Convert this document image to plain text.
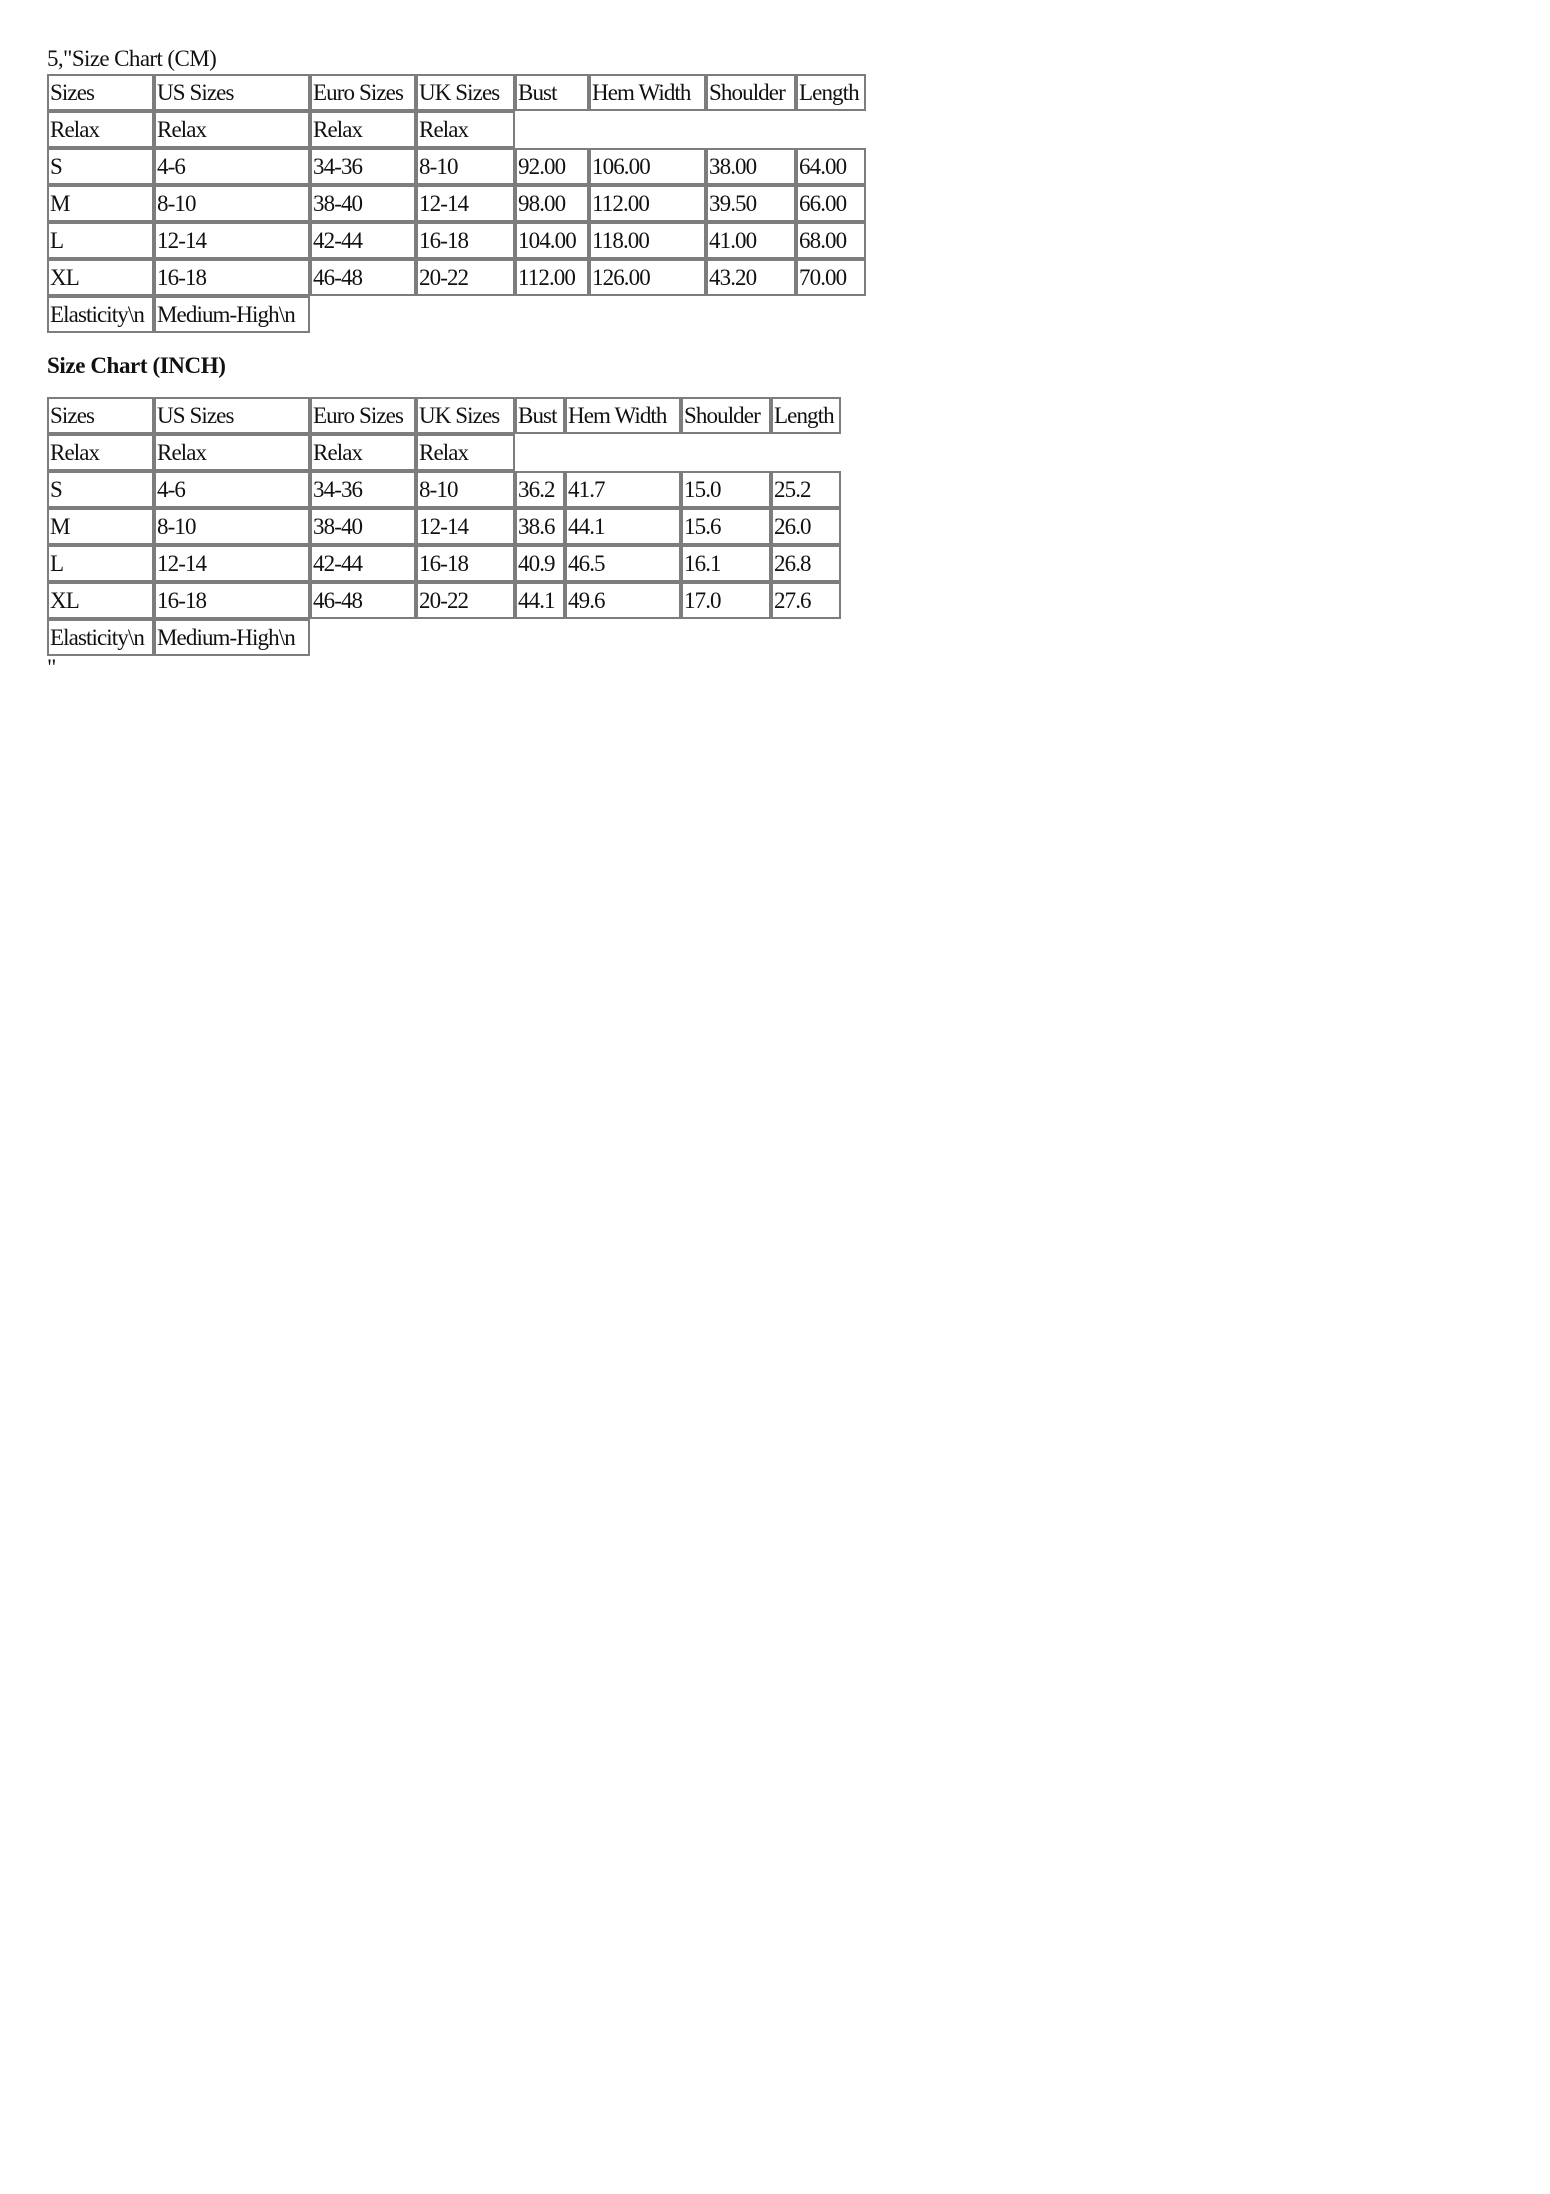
5,"Size Chart (CM)

Sizes	US Sizes	Euro Sizes	UK Sizes	Bust	Hem Width	Shoulder	Length
Relax	Relax	Relax	Relax				
S	4-6	34-36	8-10	92.00	106.00	38.00	64.00
M	8-10	38-40	12-14	98.00	112.00	39.50	66.00
L	12-14	42-44	16-18	104.00	118.00	41.00	68.00
XL	16-18	46-48	20-22	112.00	126.00	43.20	70.00
Elasticity\n	Medium-High\n						

Size Chart (INCH)

Sizes	US Sizes	Euro Sizes	UK Sizes	Bust	Hem Width	Shoulder	Length
Relax	Relax	Relax	Relax				
S	4-6	34-36	8-10	36.2	41.7	15.0	25.2
M	8-10	38-40	12-14	38.6	44.1	15.6	26.0
L	12-14	42-44	16-18	40.9	46.5	16.1	26.8
XL	16-18	46-48	20-22	44.1	49.6	17.0	27.6
Elasticity\n	Medium-High\n						

"
